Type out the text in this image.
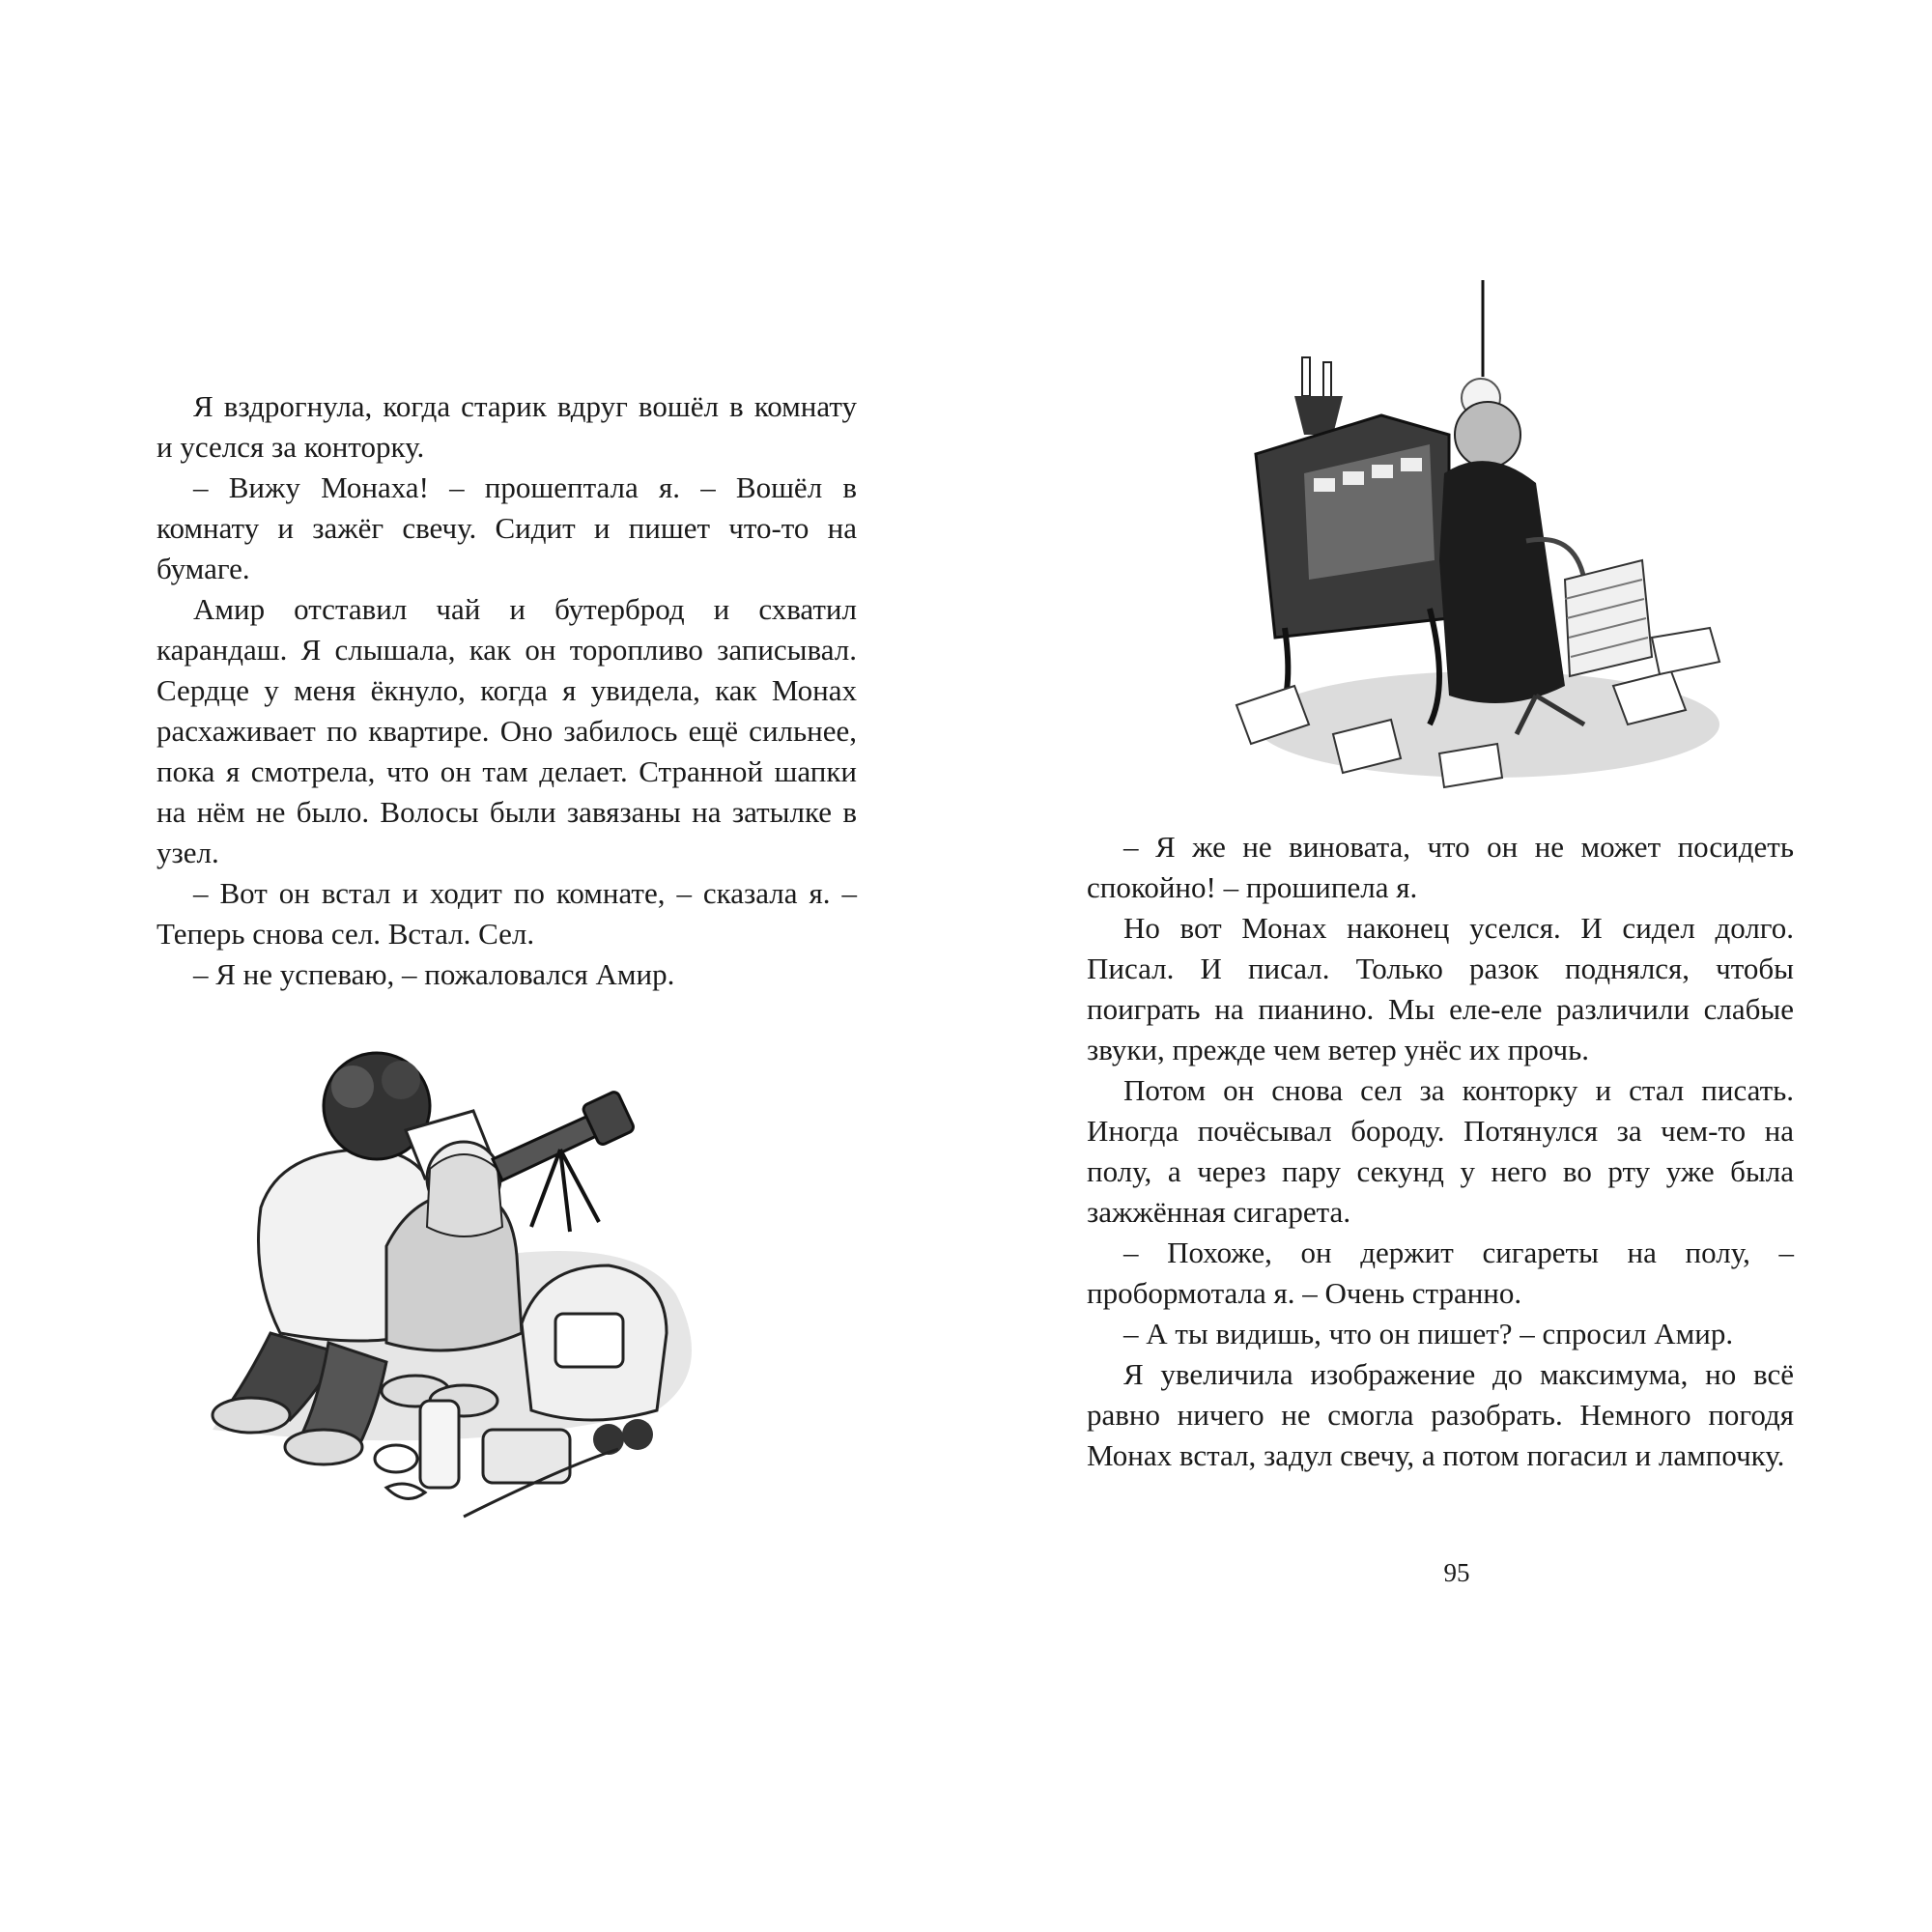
Я вздрогнула, когда старик вдруг вошёл в комнату и уселся за конторку.

– Вижу Монаха! – прошептала я. – Вошёл в комнату и зажёг свечу. Сидит и пишет что-то на бумаге.

Амир отставил чай и бутерброд и схватил карандаш. Я слышала, как он торопливо записывал. Сердце у меня ёкнуло, когда я увидела, как Монах расхаживает по квартире. Оно забилось ещё сильнее, пока я смотрела, что он там делает. Странной шапки на нём не было. Волосы были завязаны на затылке в узел.

– Вот он встал и ходит по комнате, – сказала я. – Теперь снова сел. Встал. Сел.

– Я не успеваю, – пожаловался Амир.

– Я же не виновата, что он не может посидеть спокойно! – прошипела я.

Но вот Монах наконец уселся. И сидел долго. Писал. И писал. Только разок поднялся, чтобы поиграть на пианино. Мы еле-еле различили слабые звуки, прежде чем ветер унёс их прочь.

Потом он снова сел за конторку и стал писать. Иногда почёсывал бороду. Потянулся за чем-то на полу, а через пару секунд у него во рту уже была зажжённая сигарета.

– Похоже, он держит сигареты на полу, – пробормотала я. – Очень странно.

– А ты видишь, что он пишет? – спросил Амир.

Я увеличила изображение до максимума, но всё равно ничего не смогла разобрать. Немного погодя Монах встал, задул свечу, а потом погасил и лампочку.

95
